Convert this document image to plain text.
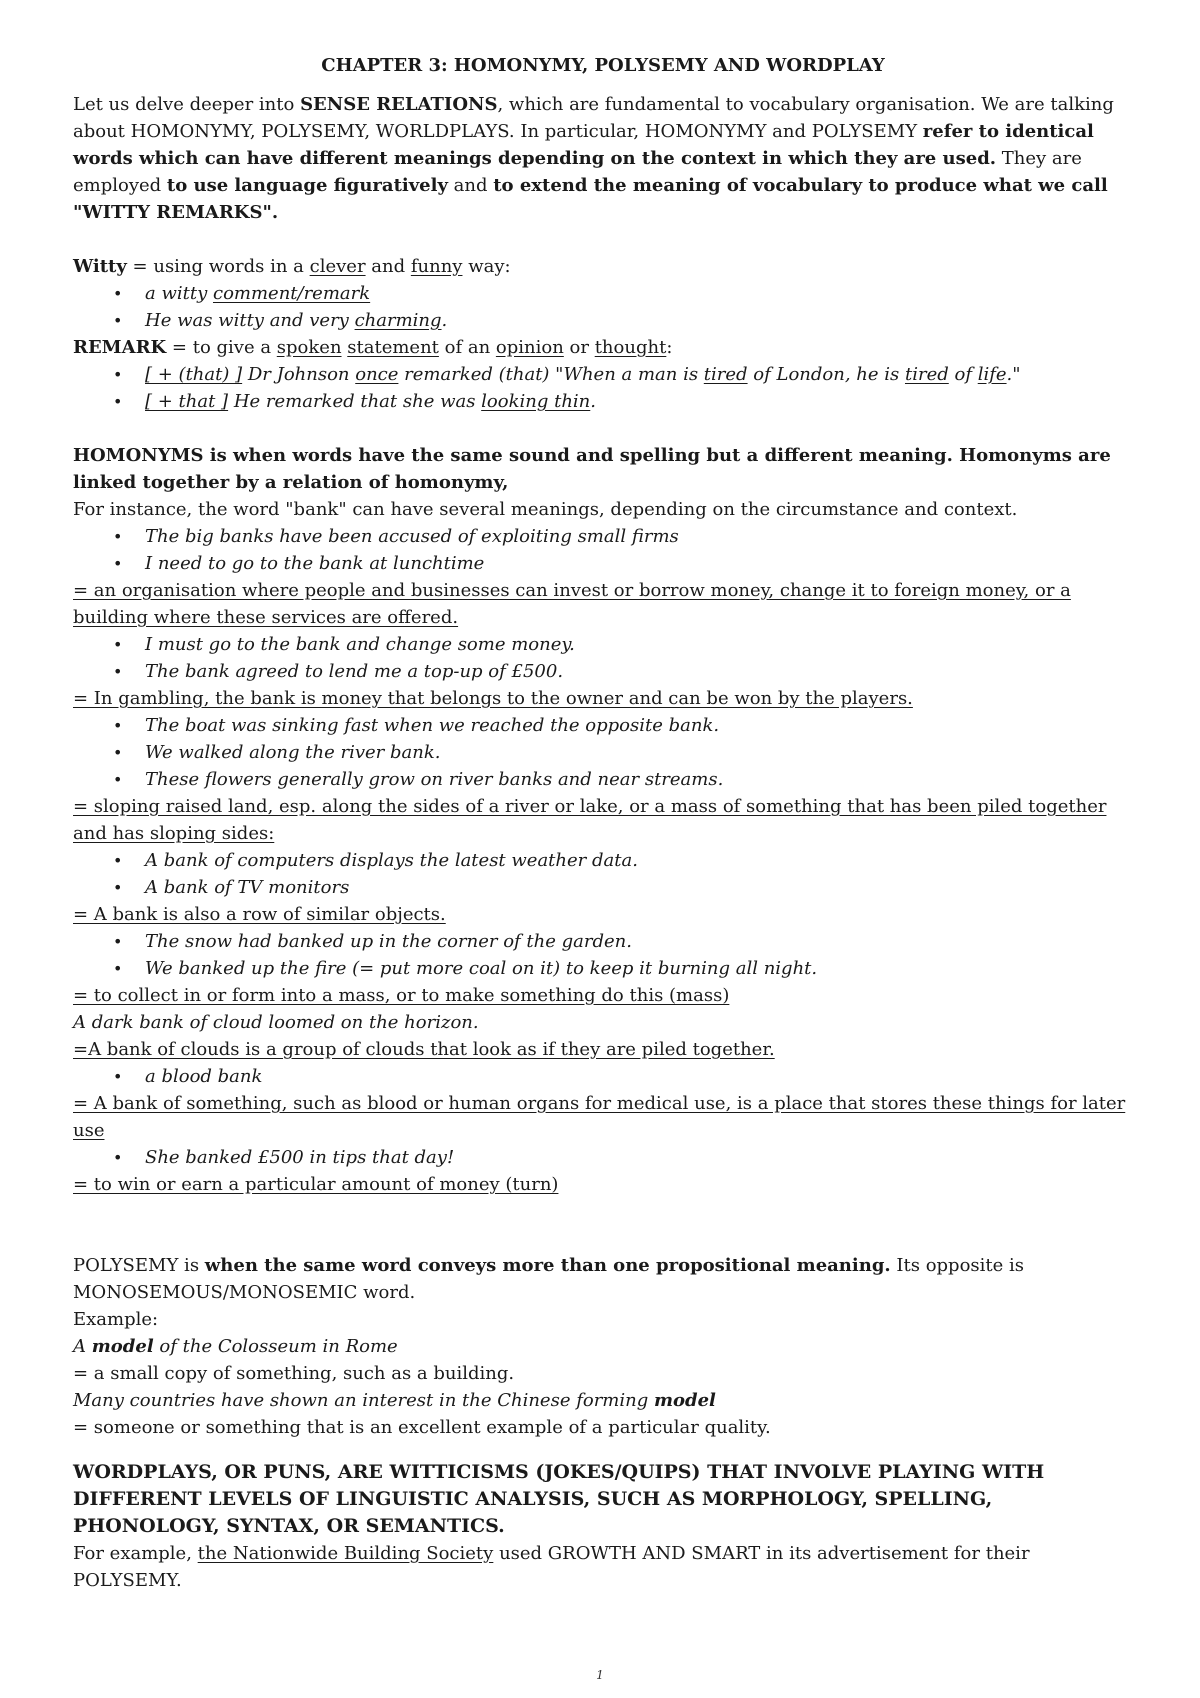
CHAPTER 3: HOMONYMY, POLYSEMY AND WORDPLAY

Let us delve deeper into SENSE RELATIONS, which are fundamental to vocabulary organisation. We are talking about HOMONYMY, POLYSEMY, WORLDPLAYS. In particular, HOMONYMY and POLYSEMY refer to identical words which can have different meanings depending on the context in which they are used. They are employed to use language figuratively and to extend the meaning of vocabulary to produce what we call "WITTY REMARKS".

Witty = using words in a clever and funny way:

• a witty comment/remark
• He was witty and very charming.

REMARK = to give a spoken statement of an opinion or thought:

• [ + (that) ] Dr Johnson once remarked (that) "When a man is tired of London, he is tired of life."
• [ + that ] He remarked that she was looking thin.

HOMONYMS is when words have the same sound and spelling but a different meaning. Homonyms are linked together by a relation of homonymy,

For instance, the word "bank" can have several meanings, depending on the circumstance and context.

• The big banks have been accused of exploiting small firms
• I need to go to the bank at lunchtime

= an organisation where people and businesses can invest or borrow money, change it to foreign money, or a building where these services are offered.

• I must go to the bank and change some money.
• The bank agreed to lend me a top-up of £500.

= In gambling, the bank is money that belongs to the owner and can be won by the players.

• The boat was sinking fast when we reached the opposite bank.
• We walked along the river bank.
• These flowers generally grow on river banks and near streams.

= sloping raised land, esp. along the sides of a river or lake, or a mass of something that has been piled together and has sloping sides:

• A bank of computers displays the latest weather data.
• A bank of TV monitors

= A bank is also a row of similar objects.

• The snow had banked up in the corner of the garden.
• We banked up the fire (= put more coal on it) to keep it burning all night.

= to collect in or form into a mass, or to make something do this (mass)

A dark bank of cloud loomed on the horizon.

=A bank of clouds is a group of clouds that look as if they are piled together.

• a blood bank

= A bank of something, such as blood or human organs for medical use, is a place that stores these things for later use

• She banked £500 in tips that day!

= to win or earn a particular amount of money (turn)

POLYSEMY is when the same word conveys more than one propositional meaning. Its opposite is MONOSEMOUS/MONOSEMIC word.

Example:

A model of the Colosseum in Rome

= a small copy of something, such as a building.

Many countries have shown an interest in the Chinese forming model

= someone or something that is an excellent example of a particular quality.

WORDPLAYS, OR PUNS, ARE WITTICISMS (JOKES/QUIPS) THAT INVOLVE PLAYING WITH DIFFERENT LEVELS OF LINGUISTIC ANALYSIS, SUCH AS MORPHOLOGY, SPELLING, PHONOLOGY, SYNTAX, OR SEMANTICS.

For example, the Nationwide Building Society used GROWTH AND SMART in its advertisement for their POLYSEMY.

1
